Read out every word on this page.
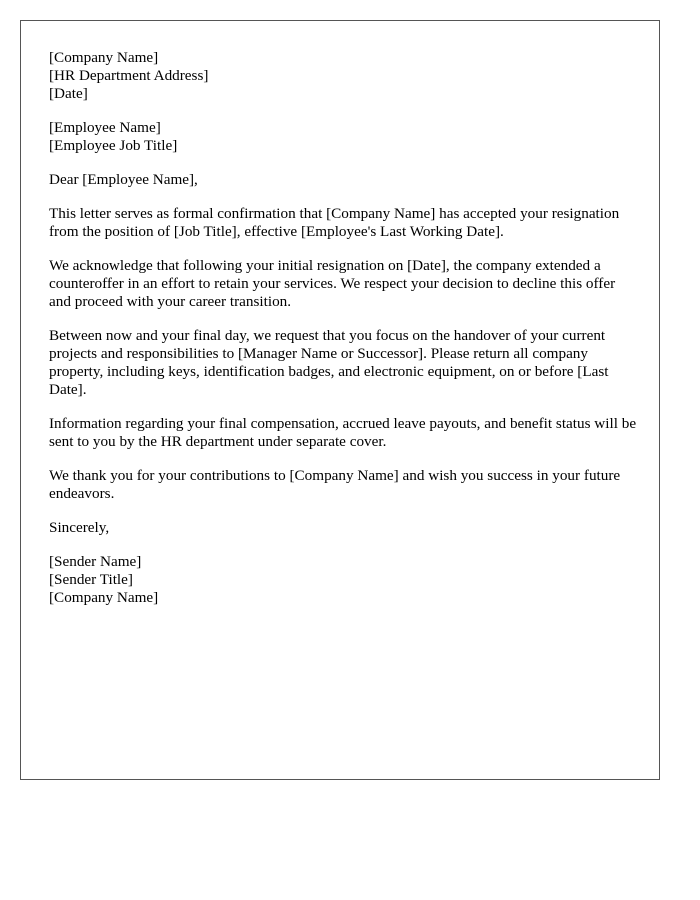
[Company Name]
[HR Department Address]
[Date]
[Employee Name]
[Employee Job Title]

Dear [Employee Name],

This letter serves as formal confirmation that [Company Name] has accepted your resignation from the position of [Job Title], effective [Employee's Last Working Date].

We acknowledge that following your initial resignation on [Date], the company extended a counteroffer in an effort to retain your services. We respect your decision to decline this offer and proceed with your career transition.

Between now and your final day, we request that you focus on the handover of your current projects and responsibilities to [Manager Name or Successor]. Please return all company property, including keys, identification badges, and electronic equipment, on or before [Last Date].

Information regarding your final compensation, accrued leave payouts, and benefit status will be sent to you by the HR department under separate cover.

We thank you for your contributions to [Company Name] and wish you success in your future endeavors.

Sincerely,

[Sender Name]
[Sender Title]
[Company Name]
